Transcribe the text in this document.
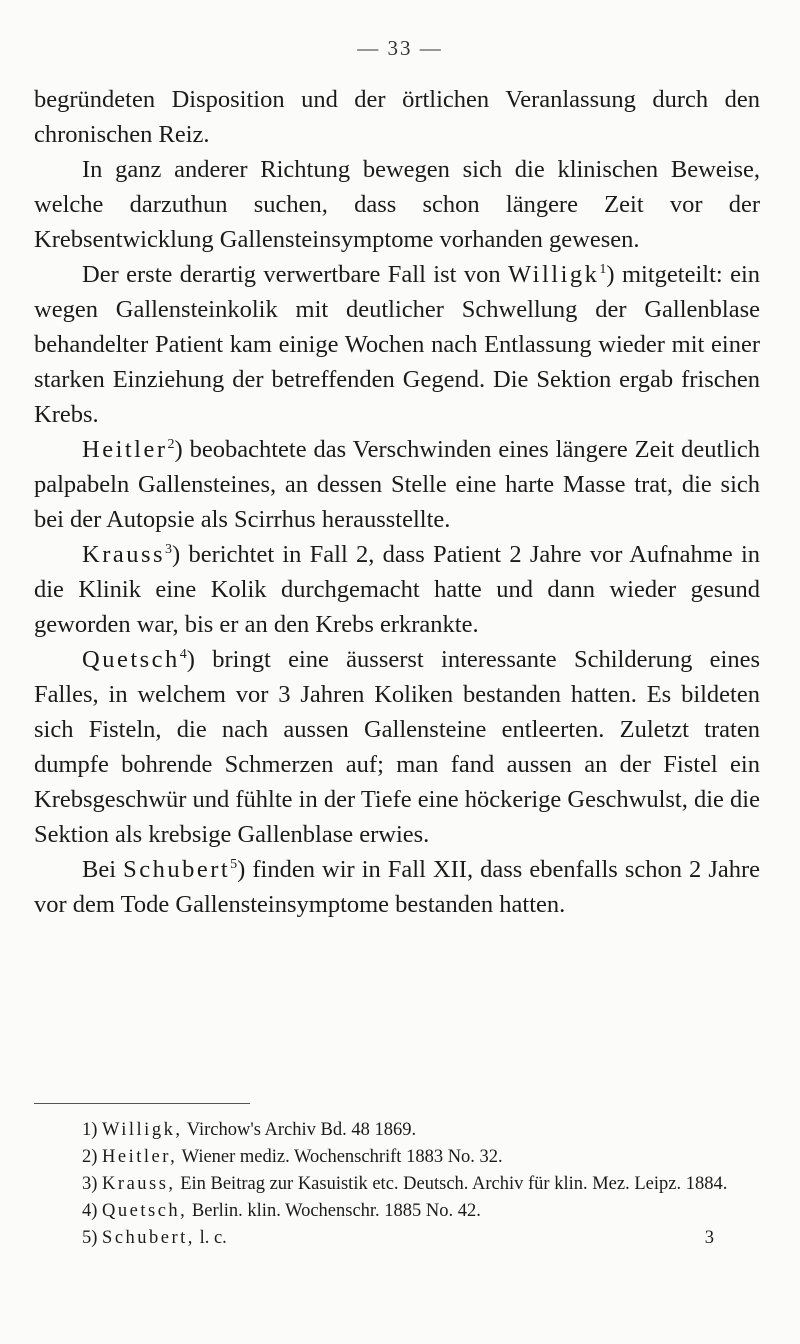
— 33 —

begründeten Disposition und der örtlichen Veranlassung durch den chronischen Reiz.

In ganz anderer Richtung bewegen sich die klinischen Beweise, welche darzuthun suchen, dass schon längere Zeit vor der Krebsentwicklung Gallensteinsymptome vorhanden gewesen.

Der erste derartig verwertbare Fall ist von Willigk$^1$) mitgeteilt: ein wegen Gallensteinkolik mit deutlicher Schwellung der Gallenblase behandelter Patient kam einige Wochen nach Entlassung wieder mit einer starken Einziehung der betreffenden Gegend. Die Sektion ergab frischen Krebs.

Heitler$^2$) beobachtete das Verschwinden eines längere Zeit deutlich palpabeln Gallensteines, an dessen Stelle eine harte Masse trat, die sich bei der Autopsie als Scirrhus herausstellte.

Krauss$^3$) berichtet in Fall 2, dass Patient 2 Jahre vor Aufnahme in die Klinik eine Kolik durchgemacht hatte und dann wieder gesund geworden war, bis er an den Krebs erkrankte.

Quetsch$^4$) bringt eine äusserst interessante Schilderung eines Falles, in welchem vor 3 Jahren Koliken bestanden hatten. Es bildeten sich Fisteln, die nach aussen Gallensteine entleerten. Zuletzt traten dumpfe bohrende Schmerzen auf; man fand aussen an der Fistel ein Krebsgeschwür und fühlte in der Tiefe eine höckerige Geschwulst, die die Sektion als krebsige Gallenblase erwies.

Bei Schubert$^5$) finden wir in Fall XII, dass ebenfalls schon 2 Jahre vor dem Tode Gallensteinsymptome bestanden hatten.

1) Willigk, Virchow's Archiv Bd. 48 1869.

2) Heitler, Wiener mediz. Wochenschrift 1883 No. 32.

3) Krauss, Ein Beitrag zur Kasuistik etc. Deutsch. Archiv für klin. Mez. Leipz. 1884.

4) Quetsch, Berlin. klin. Wochenschr. 1885 No. 42.

5) Schubert, l. c.	3
